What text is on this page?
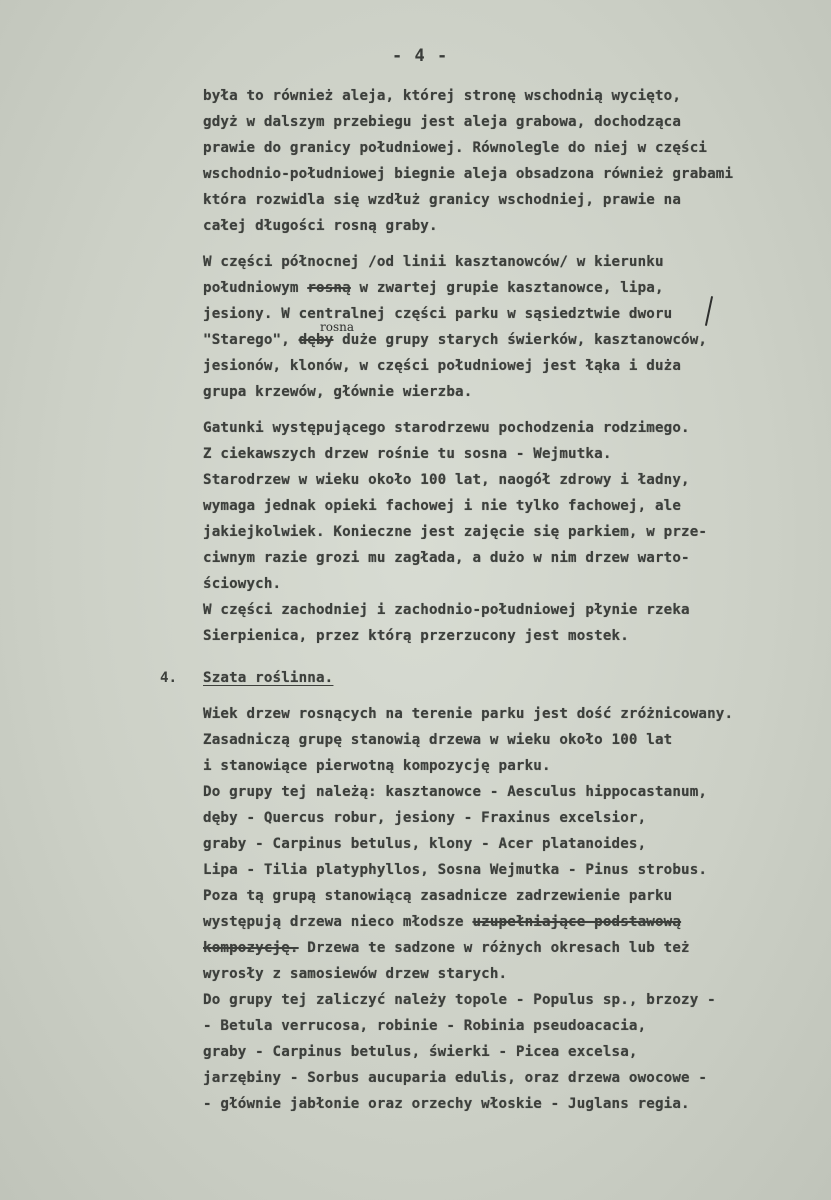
- 4 -
była to również aleja, której stronę wschodnią wycięto,
gdyż w dalszym przebiegu jest aleja grabowa, dochodząca
prawie do granicy południowej. Równolegle do niej w części
wschodnio-południowej biegnie aleja obsadzona również grabami
która rozwidla się wzdłuż granicy wschodniej, prawie na
całej długości rosną graby.
W części północnej /od linii kasztanowców/ w kierunku
południowym rosną w zwartej grupie kasztanowce, lipa,
jesiony. W centralnej części parku w sąsiedztwie dworu
"Starego", dęby duże grupy starych świerków, kasztanowców,
rosna
jesionów, klonów, w części południowej jest łąka i duża
grupa krzewów, głównie wierzba.
Gatunki występującego starodrzewu pochodzenia rodzimego.
Z ciekawszych drzew rośnie tu sosna - Wejmutka.
Starodrzew w wieku około 100 lat, naogół zdrowy i ładny,
wymaga jednak opieki fachowej i nie tylko fachowej, ale
jakiejkolwiek. Konieczne jest zajęcie się parkiem, w prze-
ciwnym razie grozi mu zagłada, a dużo w nim drzew warto-
ściowych.
W części zachodniej i zachodnio-południowej płynie rzeka
Sierpienica, przez którą przerzucony jest mostek.
4. Szata roślinna.
Wiek drzew rosnących na terenie parku jest dość zróżnicowany.
Zasadniczą grupę stanowią drzewa w wieku około 100 lat
i stanowiące pierwotną kompozycję parku.
Do grupy tej należą: kasztanowce - Aesculus hippocastanum,
dęby - Quercus robur, jesiony - Fraxinus excelsior,
graby - Carpinus betulus, klony - Acer platanoides,
Lipa - Tilia platyphyllos, Sosna Wejmutka - Pinus strobus.
Poza tą grupą stanowiącą zasadnicze zadrzewienie parku
występują drzewa nieco młodsze uzupełniające podstawową
kompozycję. Drzewa te sadzone w różnych okresach lub też
wyrosły z samosiewów drzew starych.
Do grupy tej zaliczyć należy topole - Populus sp., brzozy -
- Betula verrucosa, robinie - Robinia pseudoacacia,
graby - Carpinus betulus, świerki - Picea excelsa,
jarzębiny - Sorbus aucuparia edulis, oraz drzewa owocowe -
- głównie jabłonie oraz orzechy włoskie - Juglans regia.
